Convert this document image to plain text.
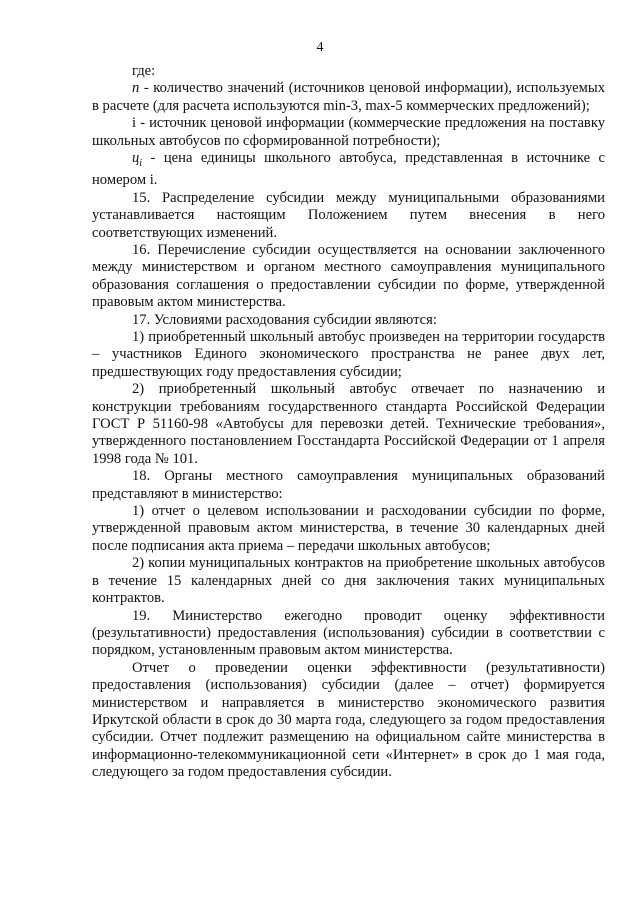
4

где:

n - количество значений (источников ценовой информации), используемых в расчете (для расчета используются min-3, max-5 коммерческих предложений);

i - источник ценовой информации (коммерческие предложения на поставку школьных автобусов по сформированной потребности);

$ц_i$ - цена единицы школьного автобуса, представленная в источнике с номером i.

15. Распределение субсидии между муниципальными образованиями устанавливается настоящим Положением путем внесения в него соответствующих изменений.

16. Перечисление субсидии осуществляется на основании заключенного между министерством и органом местного самоуправления муниципального образования соглашения о предоставлении субсидии по форме, утвержденной правовым актом министерства.

17. Условиями расходования субсидии являются:

1) приобретенный школьный автобус произведен на территории государств – участников Единого экономического пространства не ранее двух лет, предшествующих году предоставления субсидии;

2) приобретенный школьный автобус отвечает по назначению и конструкции требованиям государственного стандарта Российской Федерации ГОСТ Р 51160-98 «Автобусы для перевозки детей. Технические требования», утвержденного постановлением Госстандарта Российской Федерации от 1 апреля 1998 года № 101.

18. Органы местного самоуправления муниципальных образований представляют в министерство:

1) отчет о целевом использовании и расходовании субсидии по форме, утвержденной правовым актом министерства, в течение 30 календарных дней после подписания акта приема – передачи школьных автобусов;

2) копии муниципальных контрактов на приобретение школьных автобусов в течение 15 календарных дней со дня заключения таких муниципальных контрактов.

19. Министерство ежегодно проводит оценку эффективности (результативности) предоставления (использования) субсидии в соответствии с порядком, установленным правовым актом министерства.

Отчет о проведении оценки эффективности (результативности) предоставления (использования) субсидии (далее – отчет) формируется министерством и направляется в министерство экономического развития Иркутской области в срок до 30 марта года, следующего за годом предоставления субсидии. Отчет подлежит размещению на официальном сайте министерства в информационно-телекоммуникационной сети «Интернет» в срок до 1 мая года, следующего за годом предоставления субсидии.
